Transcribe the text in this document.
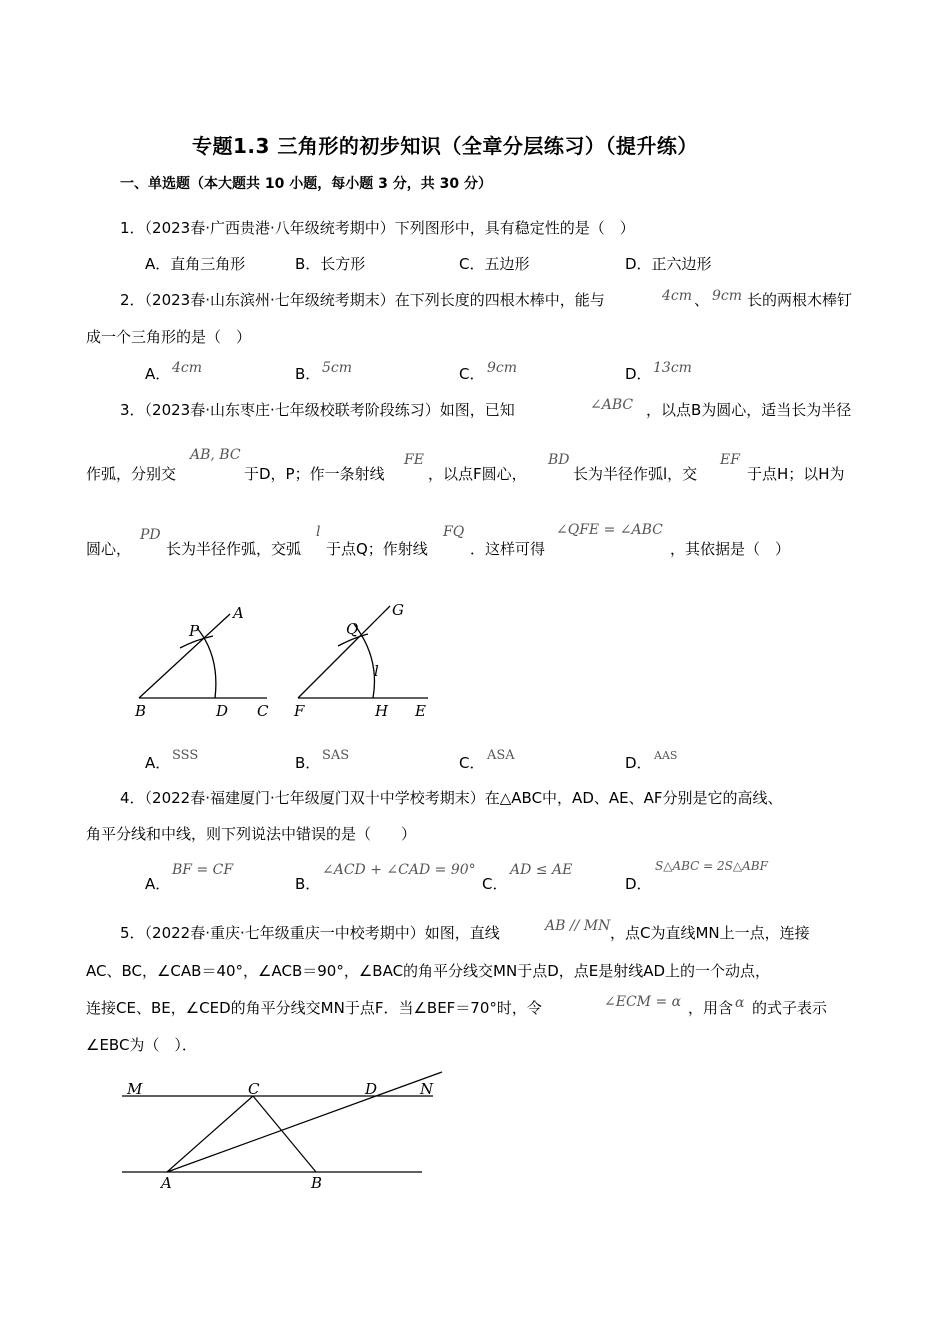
专题1.3 三角形的初步知识（全章分层练习）（提升练）
一、单选题（本大题共 10 小题，每小题 3 分，共 30 分）
1．（2023春·广西贵港·八年级统考期中）下列图形中，具有稳定性的是（　）
A．直角三角形	B．长方形	C．五边形	D．正六边形
2．（2023春·山东滨州·七年级统考期末）在下列长度的四根木棒中，能与	4cm 、 9cm 长的两根木棒钉
成一个三角形的是（　）
A． 4cm	B． 5cm	C． 9cm	D． 13cm
3．（2023春·山东枣庄·七年级校联考阶段练习）如图，已知	∠ABC ，以点B为圆心，适当长为半径
作弧，分别交
AB, BC
于D，P；作一条射线
FE
，以点F圆心，
BD
长为半径作弧l，交
EF
于点H；以H为
圆心，
PD
长为半径作弧，交弧
l
于点Q；作射线
FQ
．这样可得
∠QFE = ∠ABC
，其依据是（　）
A
P
B	D C
G
Q
l
F	H E
A． SSS	B． SAS	C． ASA	D． AAS
4．（2022春·福建厦门·七年级厦门双十中学校考期末）在△ABC中，AD、AE、AF分别是它的高线、
角平分线和中线，则下列说法中错误的是（　　）
A．
BF = CF
B．
∠ACD + ∠CAD = 90°
C．
AD ≤ AE
D．
S△ABC = 2S△ABF
5．（2022春·重庆·七年级重庆一中校考期中）如图，直线	AB // MN ，点C为直线MN上一点，连接
AC、BC，∠CAB＝40°，∠ACB＝90°，∠BAC的角平分线交MN于点D，点E是射线AD上的一个动点，
连接CE、BE，∠CED的角平分线交MN于点F．当∠BEF＝70°时，令	∠ECM = α ，用含 α 的式子表示
∠EBC为（　）．
M	C	D	N
A	B
